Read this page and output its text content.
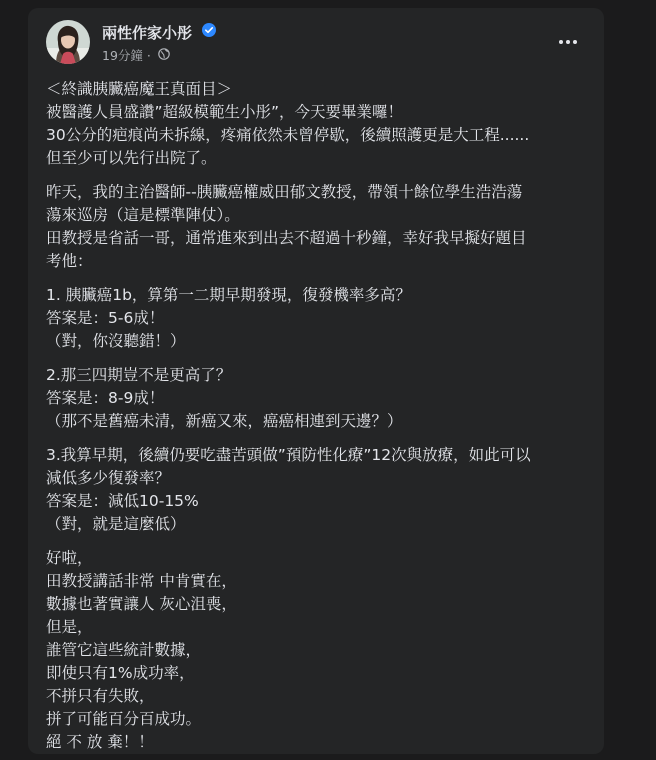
兩性作家小彤
19分鐘 ·
＜終識胰臟癌魔王真面目＞
被醫護人員盛讚”超級模範生小彤”，今天要畢業囉！
30公分的疤痕尚未拆線，疼痛依然未曾停歇，後續照護更是大工程......
但至少可以先行出院了。
昨天，我的主治醫師--胰臟癌權威田郁文教授，帶領十餘位學生浩浩蕩
蕩來巡房（這是標準陣仗）。
田教授是省話一哥，通常進來到出去不超過十秒鐘，幸好我早擬好題目
考他：
1. 胰臟癌1b，算第一二期早期發現，復發機率多高？
答案是：5-6成！
（對，你沒聽錯！）
2.那三四期豈不是更高了？
答案是：8-9成！
（那不是舊癌未清，新癌又來，癌癌相連到天邊？）
3.我算早期，後續仍要吃盡苦頭做”預防性化療”12次與放療，如此可以
減低多少復發率？
答案是：減低10-15%
（對，就是這麼低）
好啦，
田教授講話非常 中肯實在，
數據也著實讓人 灰心沮喪，
但是，
誰管它這些統計數據，
即使只有1%成功率，
不拼只有失敗，
拼了可能百分百成功。
絕 不 放 棄！！
